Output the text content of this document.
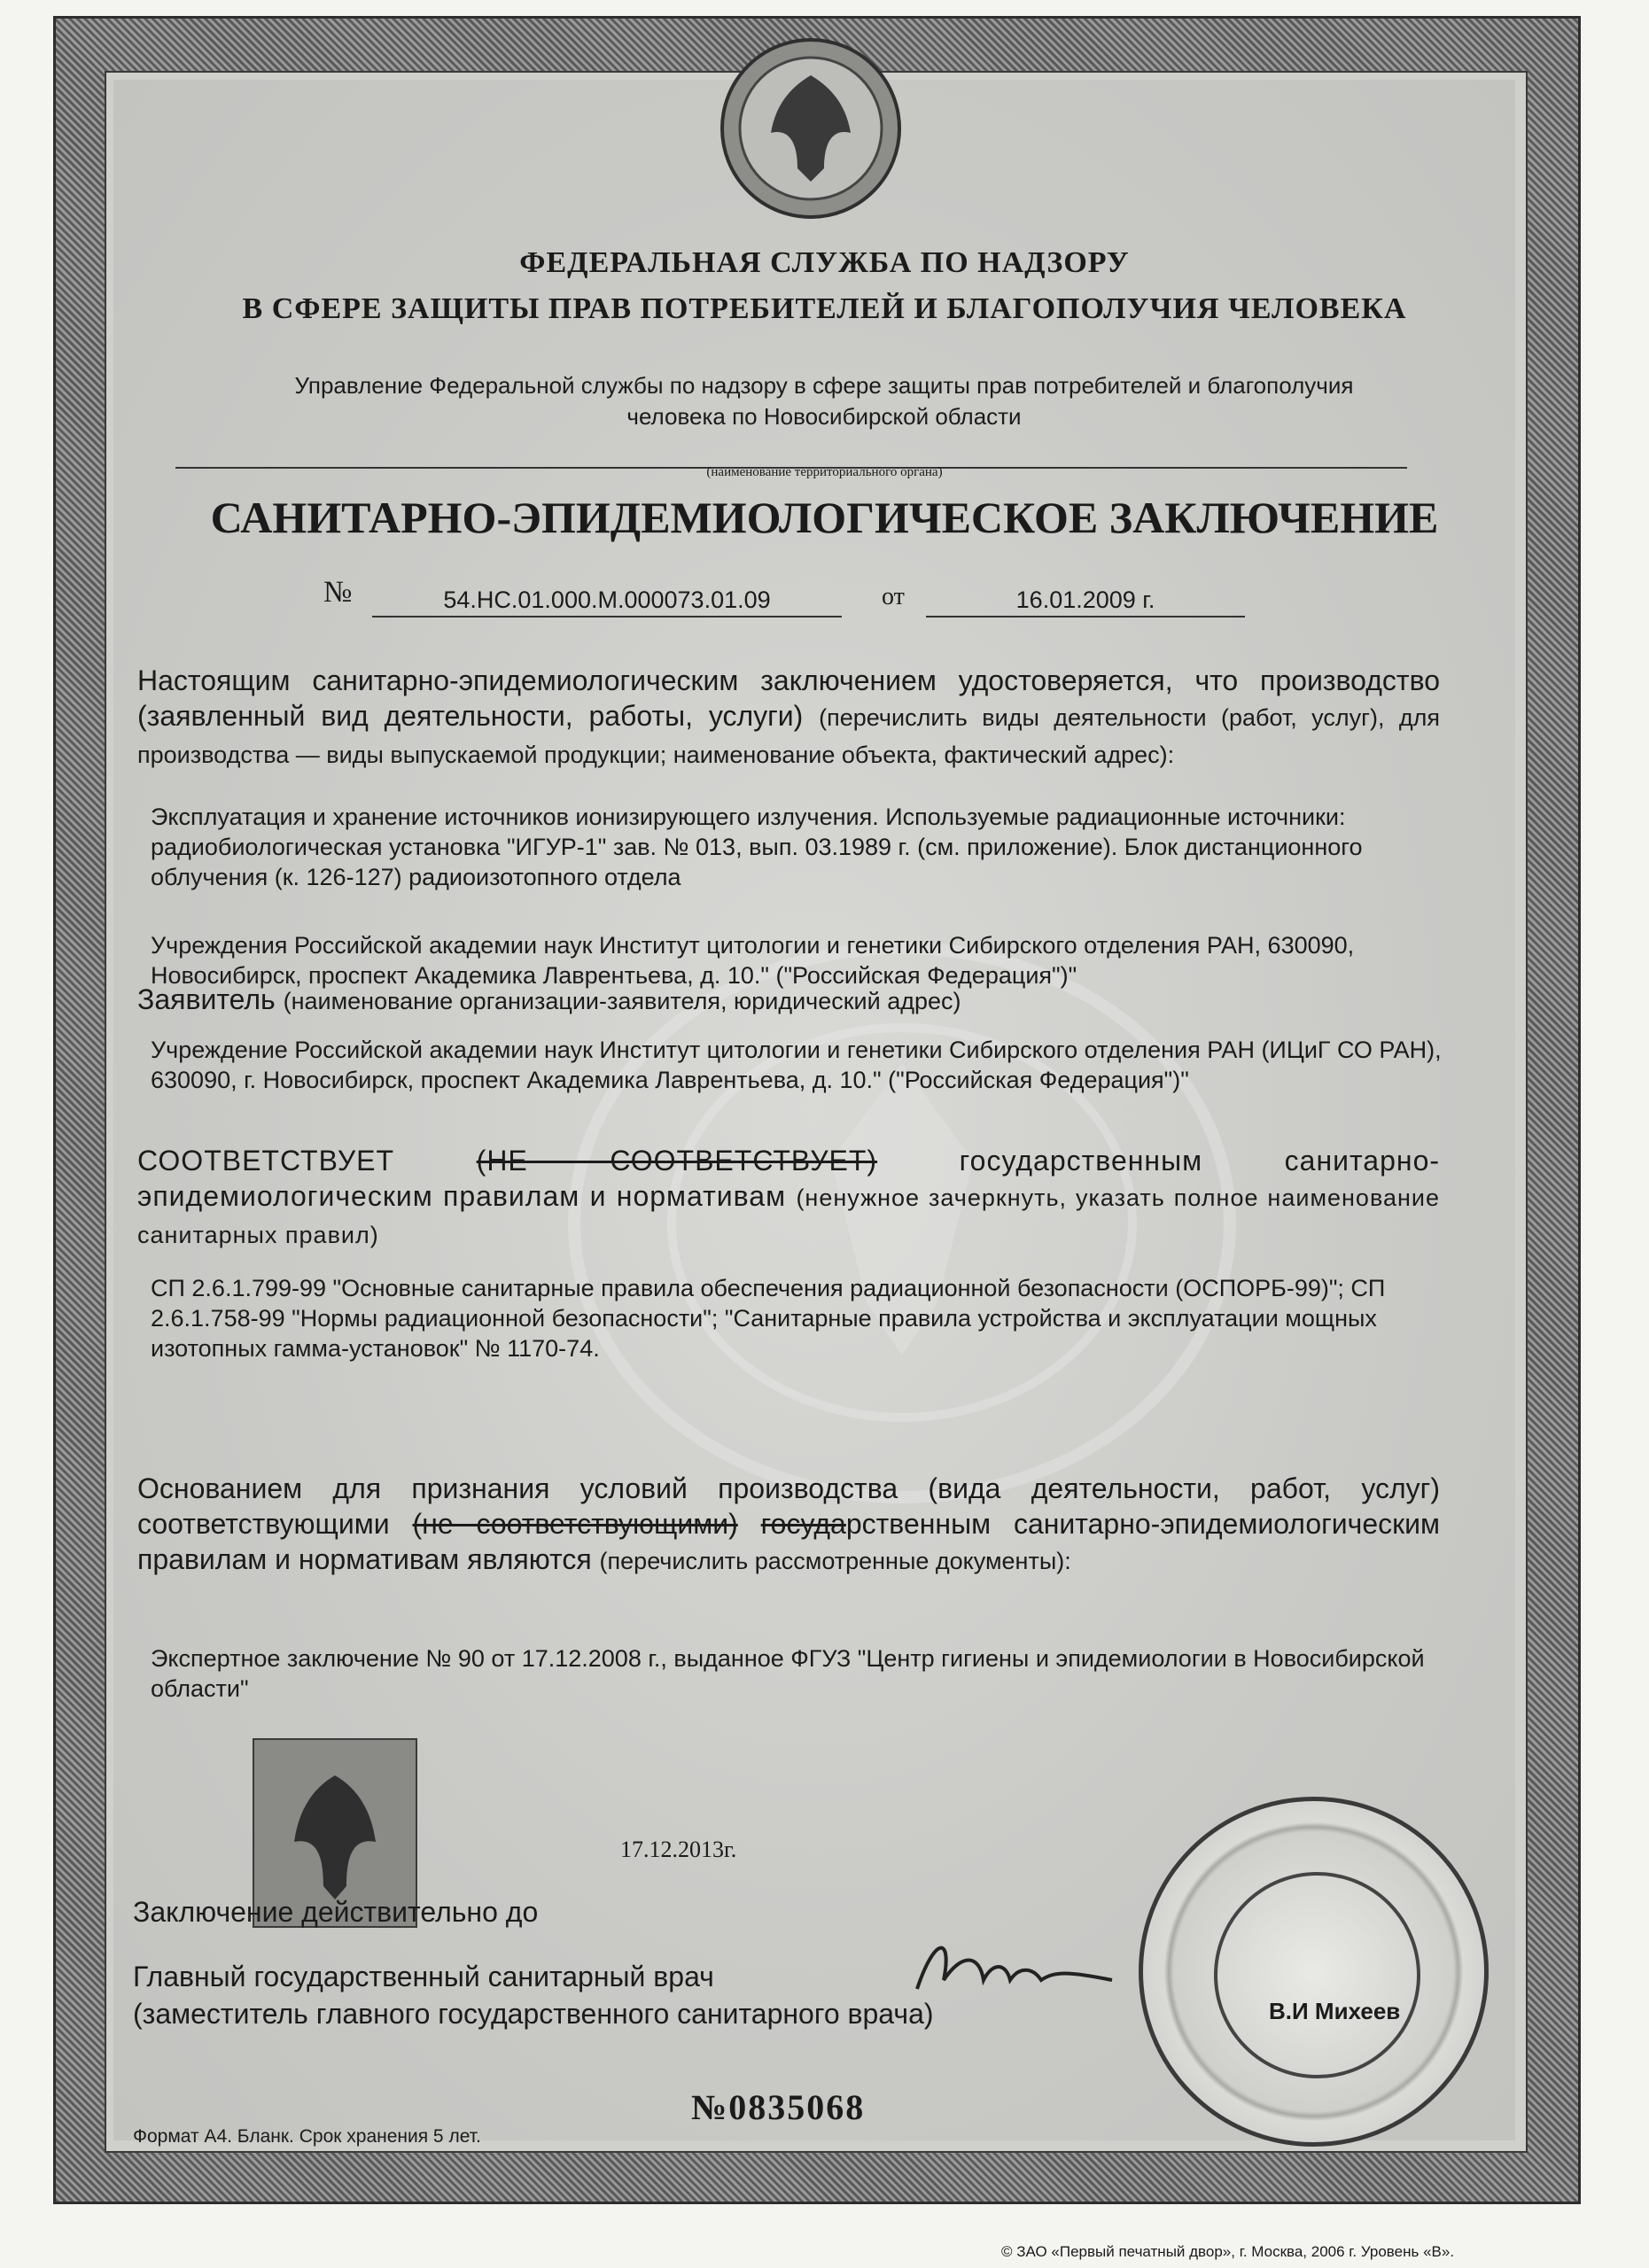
ФЕДЕРАЛЬНАЯ СЛУЖБА ПО НАДЗОРУ
В СФЕРЕ ЗАЩИТЫ ПРАВ ПОТРЕБИТЕЛЕЙ И БЛАГОПОЛУЧИЯ ЧЕЛОВЕКА
Управление Федеральной службы по надзору в сфере защиты прав потребителей и благополучия
человека по Новосибирской области
(наименование территориального органа)
САНИТАРНО-ЭПИДЕМИОЛОГИЧЕСКОЕ ЗАКЛЮЧЕНИЕ
№	54.НС.01.000.М.000073.01.09	от	16.01.2009 г.
Настоящим санитарно-эпидемиологическим заключением удостоверяется, что производство (заявленный вид деятельности, работы, услуги) (перечислить виды деятельности (работ, услуг), для производства — виды выпускаемой продукции; наименование объекта, фактический адрес):
Эксплуатация и хранение источников ионизирующего излучения. Используемые радиационные источники: радиобиологическая установка "ИГУР-1" зав. № 013, вып. 03.1989 г. (см. приложение). Блок дистанционного облучения (к. 126-127) радиоизотопного отдела
Учреждения Российской академии наук Институт цитологии и генетики Сибирского отделения РАН, 630090, Новосибирск, проспект Академика Лаврентьева, д. 10." ("Российская Федерация")"
Заявитель (наименование организации-заявителя, юридический адрес)
Учреждение Российской академии наук Институт цитологии и генетики Сибирского отделения РАН (ИЦиГ СО РАН), 630090, г. Новосибирск, проспект Академика Лаврентьева, д. 10." ("Российская Федерация")"
СООТВЕТСТВУЕТ	(НЕ СООТВЕТСТВУЕТ)	государственным санитарно-эпидемиологическим правилам и нормативам (ненужное зачеркнуть, указать полное наименование санитарных правил)
СП 2.6.1.799-99 "Основные санитарные правила обеспечения радиационной безопасности (ОСПОРБ-99)"; СП 2.6.1.758-99 "Нормы радиационной безопасности"; "Санитарные правила устройства и эксплуатации мощных изотопных гамма-установок" № 1170-74.
Основанием для признания условий производства (вида деятельности, работ, услуг) соответствующими (не соответствующими) государственным санитарно-эпидемиологическим правилам и нормативам являются (перечислить рассмотренные документы):
Экспертное заключение № 90 от 17.12.2008 г., выданное ФГУЗ "Центр гигиены и эпидемиологии в Новосибирской области"
17.12.2013г.
Заключение действительно до
Главный государственный санитарный врач
(заместитель главного государственного санитарного врача)	В.И Михеев
№0835068
Формат А4. Бланк. Срок хранения 5 лет.
© ЗАО «Первый печатный двор», г. Москва, 2006 г. Уровень «В».
